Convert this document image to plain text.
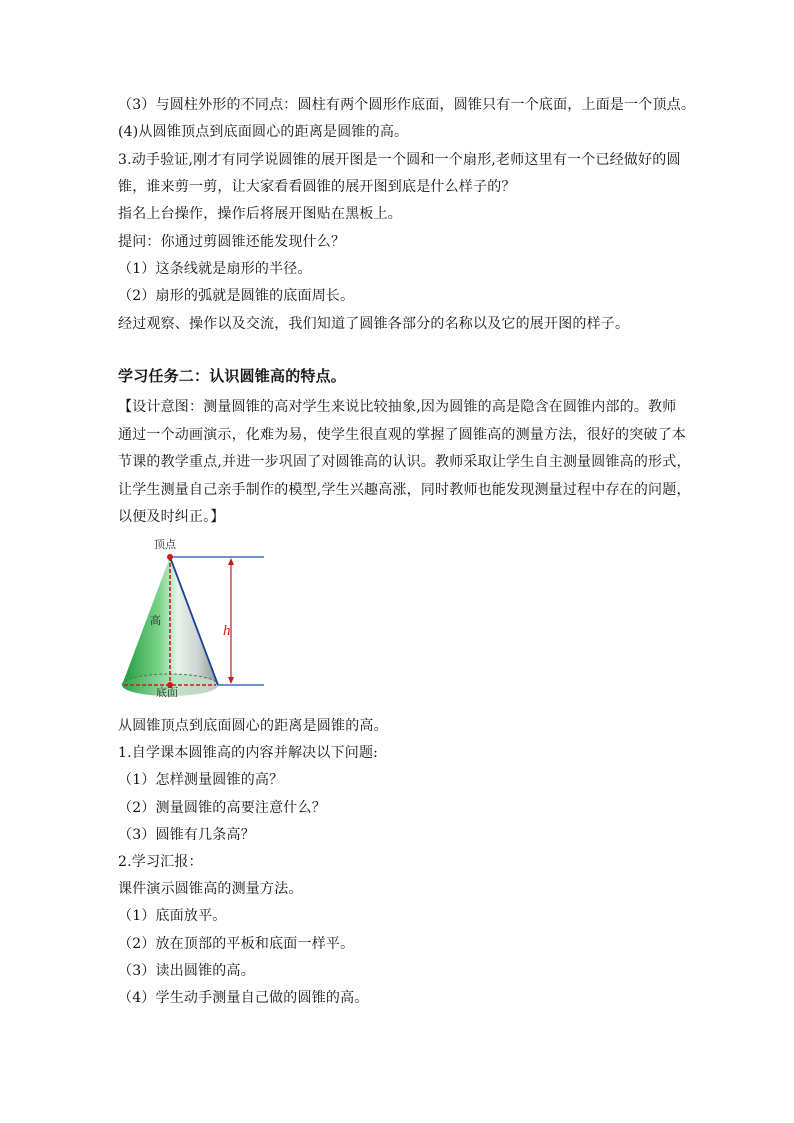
（3）与圆柱外形的不同点：圆柱有两个圆形作底面，圆锥只有一个底面，上面是一个顶点。
(4)从圆锥顶点到底面圆心的距离是圆锥的高。
3.动手验证,刚才有同学说圆锥的展开图是一个圆和一个扇形,老师这里有一个已经做好的圆
锥，谁来剪一剪，让大家看看圆锥的展开图到底是什么样子的？
指名上台操作，操作后将展开图贴在黑板上。
提问：你通过剪圆锥还能发现什么？
（1）这条线就是扇形的半径。
（2）扇形的弧就是圆锥的底面周长。
经过观察、操作以及交流，我们知道了圆锥各部分的名称以及它的展开图的样子。
学习任务二：认识圆锥高的特点。
【设计意图：测量圆锥的高对学生来说比较抽象,因为圆锥的高是隐含在圆锥内部的。教师
通过一个动画演示，化难为易，使学生很直观的掌握了圆锥高的测量方法，很好的突破了本
节课的教学重点,并进一步巩固了对圆锥高的认识。教师采取让学生自主测量圆锥高的形式，
让学生测量自己亲手制作的模型,学生兴趣高涨，同时教师也能发现测量过程中存在的问题，
以便及时纠正。】
顶点
高
h
底面
从圆锥顶点到底面圆心的距离是圆锥的高。
1.自学课本圆锥高的内容并解决以下问题:
（1）怎样测量圆锥的高？
（2）测量圆锥的高要注意什么？
（3）圆锥有几条高？
2.学习汇报：
课件演示圆锥高的测量方法。
（1）底面放平。
（2）放在顶部的平板和底面一样平。
（3）读出圆锥的高。
（4）学生动手测量自己做的圆锥的高。
